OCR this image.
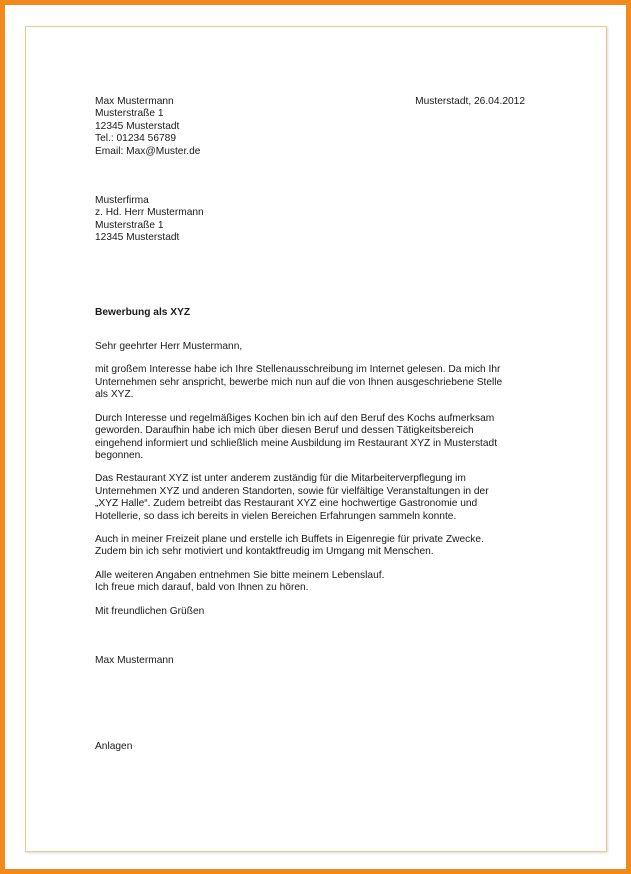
Musterstadt, 26.04.2012
Max Mustermann
Musterstraße 1
12345 Musterstadt
Tel.: 01234 56789
Email: Max@Muster.de
Musterfirma
z. Hd. Herr Mustermann
Musterstraße 1
12345 Musterstadt
Bewerbung als XYZ
Sehr geehrter Herr Mustermann,
mit großem Interesse habe ich Ihre Stellenausschreibung im Internet gelesen. Da mich Ihr
Unternehmen sehr anspricht, bewerbe mich nun auf die von Ihnen ausgeschriebene Stelle
als XYZ.
Durch Interesse und regelmäßiges Kochen bin ich auf den Beruf des Kochs aufmerksam
geworden. Daraufhin habe ich mich über diesen Beruf und dessen Tätigkeitsbereich
eingehend informiert und schließlich meine Ausbildung im Restaurant XYZ in Musterstadt
begonnen.
Das Restaurant XYZ ist unter anderem zuständig für die Mitarbeiterverpflegung im
Unternehmen XYZ und anderen Standorten, sowie für vielfältige Veranstaltungen in der
„XYZ Halle“. Zudem betreibt das Restaurant XYZ eine hochwertige Gastronomie und
Hotellerie, so dass ich bereits in vielen Bereichen Erfahrungen sammeln konnte.
Auch in meiner Freizeit plane und erstelle ich Buffets in Eigenregie für private Zwecke.
Zudem bin ich sehr motiviert und kontaktfreudig im Umgang mit Menschen.
Alle weiteren Angaben entnehmen Sie bitte meinem Lebenslauf.
Ich freue mich darauf, bald von Ihnen zu hören.
Mit freundlichen Grüßen
Max Mustermann
Anlagen
